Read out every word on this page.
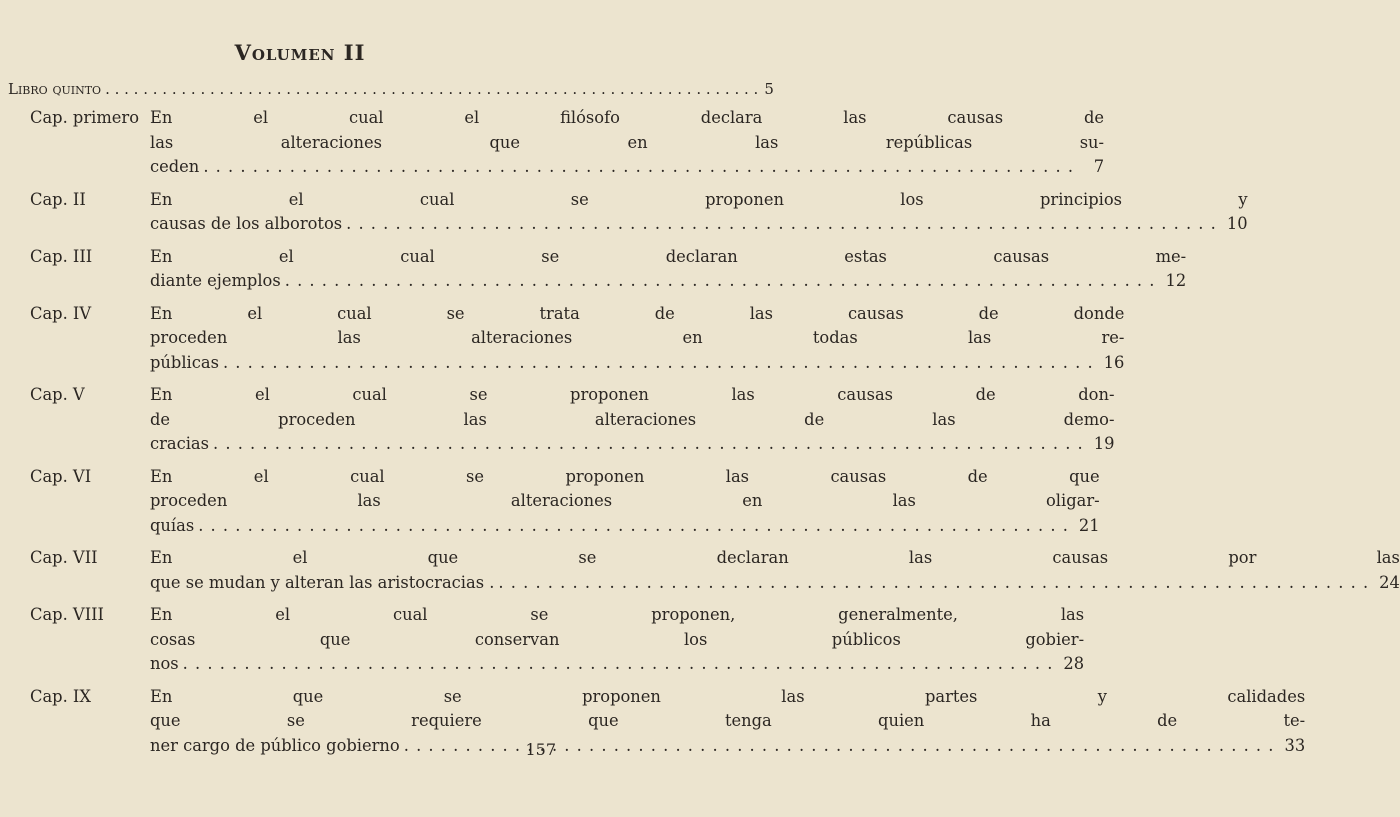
Volumen II
Libro quinto . . .	5
Cap. primero En el cual el filósofo declara las causas de
las alteraciones que en las repúblicas su-
ceden . . .	7
Cap. II	En el cual se proponen los principios y
causas de los alborotos . . .	10
Cap. III	En el cual se declaran estas causas me-
diante ejemplos . . .	12
Cap. IV	En el cual se trata de las causas de donde
proceden las alteraciones en todas las re-
públicas . . .	16
Cap. V	En el cual se proponen las causas de don-
de proceden las alteraciones de las demo-
cracias . . .	19
Cap. VI	En el cual se proponen las causas de que
proceden las alteraciones en las oligar-
quías . . .	21
Cap. VII	En el que se declaran las causas por las
que se mudan y alteran las aristocracias . . . .	24
Cap. VIII	En el cual se proponen, generalmente, las
cosas que conservan los públicos gobier-
nos . . .	28
Cap. IX	En que se proponen las partes y calidades
que se requiere que tenga quien ha de te-
ner cargo de público gobierno . . .	33
157
